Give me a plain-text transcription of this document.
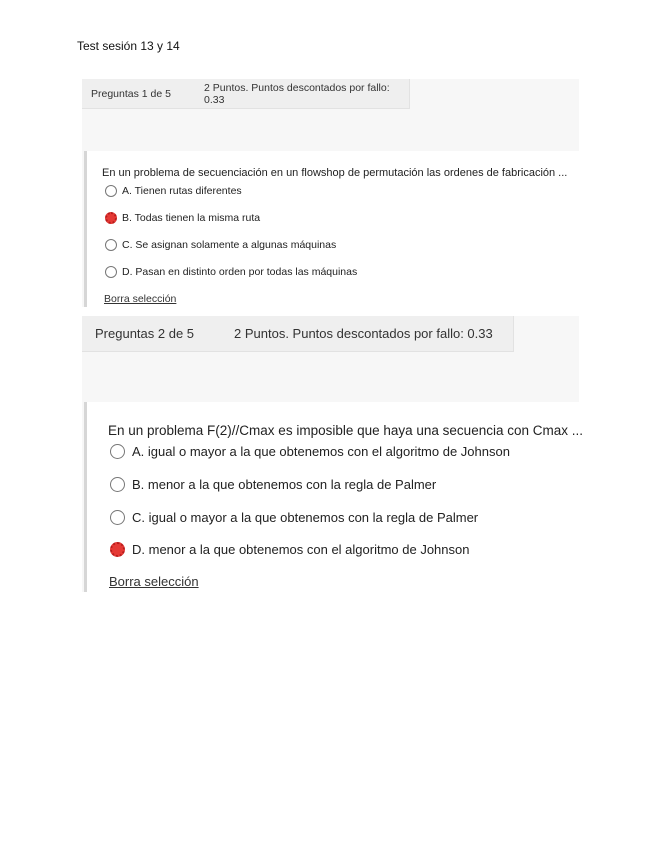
Test sesión 13 y 14
Preguntas 1 de 5	2 Puntos. Puntos descontados por fallo: 0.33
En un problema de secuenciación en un flowshop de permutación las ordenes de fabricación ...
A. Tienen rutas diferentes
B. Todas tienen la misma ruta
C. Se asignan solamente a algunas máquinas
D. Pasan en distinto orden por todas las máquinas
Borra selección
Preguntas 2 de 5	2 Puntos. Puntos descontados por fallo: 0.33
En un problema F(2)//Cmax es imposible que haya una secuencia con Cmax ...
A. igual o mayor a la que obtenemos con el algoritmo de Johnson
B. menor a la que obtenemos con la regla de Palmer
C. igual o mayor a la que obtenemos con la regla de Palmer
D. menor a la que obtenemos con el algoritmo de Johnson
Borra selección
